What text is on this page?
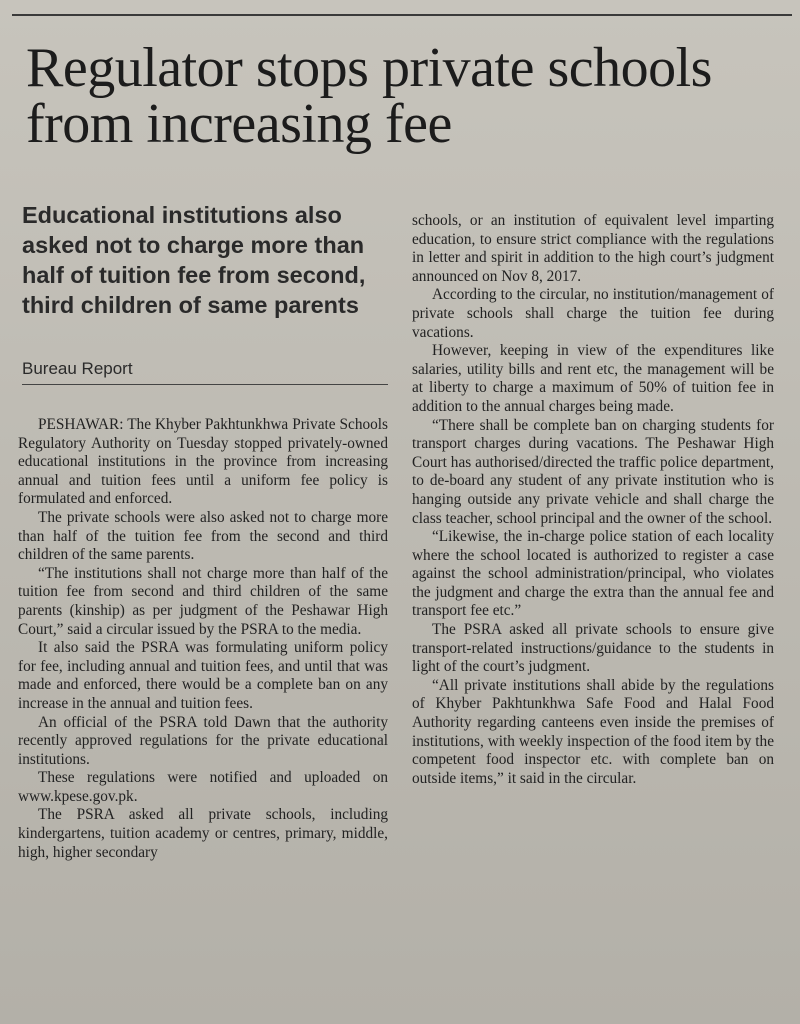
Regulator stops private schools from increasing fee
Educational institutions also asked not to charge more than half of tuition fee from second, third children of same parents
Bureau Report

PESHAWAR: The Khyber Pakhtunkhwa Private Schools Regulatory Authority on Tuesday stopped privately-owned educational institutions in the province from increasing annual and tuition fees until a uniform fee policy is formulated and enforced.

The private schools were also asked not to charge more than half of the tuition fee from the second and third children of the same parents.

“The institutions shall not charge more than half of the tuition fee from second and third children of the same parents (kinship) as per judgment of the Peshawar High Court,” said a circular issued by the PSRA to the media.

It also said the PSRA was formulating uniform policy for fee, including annual and tuition fees, and until that was made and enforced, there would be a complete ban on any increase in the annual and tuition fees.

An official of the PSRA told Dawn that the authority recently approved regulations for the private educational institutions.

These regulations were notified and uploaded on www.kpese.gov.pk.

The PSRA asked all private schools, including kindergartens, tuition academy or centres, primary, middle, high, higher secondary

schools, or an institution of equivalent level imparting education, to ensure strict compliance with the regulations in letter and spirit in addition to the high court’s judgment announced on Nov 8, 2017.

According to the circular, no institution/management of private schools shall charge the tuition fee during vacations.

However, keeping in view of the expenditures like salaries, utility bills and rent etc, the management will be at liberty to charge a maximum of 50% of tuition fee in addition to the annual charges being made.

“There shall be complete ban on charging students for transport charges during vacations. The Peshawar High Court has authorised/directed the traffic police department, to de-board any student of any private institution who is hanging outside any private vehicle and shall charge the class teacher, school principal and the owner of the school.

“Likewise, the in-charge police station of each locality where the school located is authorized to register a case against the school administration/principal, who violates the judgment and charge the extra than the annual fee and transport fee etc.”

The PSRA asked all private schools to ensure give transport-related instructions/guidance to the students in light of the court’s judgment.

“All private institutions shall abide by the regulations of Khyber Pakhtunkhwa Safe Food and Halal Food Authority regarding canteens even inside the premises of institutions, with weekly inspection of the food item by the competent food inspector etc. with complete ban on outside items,” it said in the circular.
